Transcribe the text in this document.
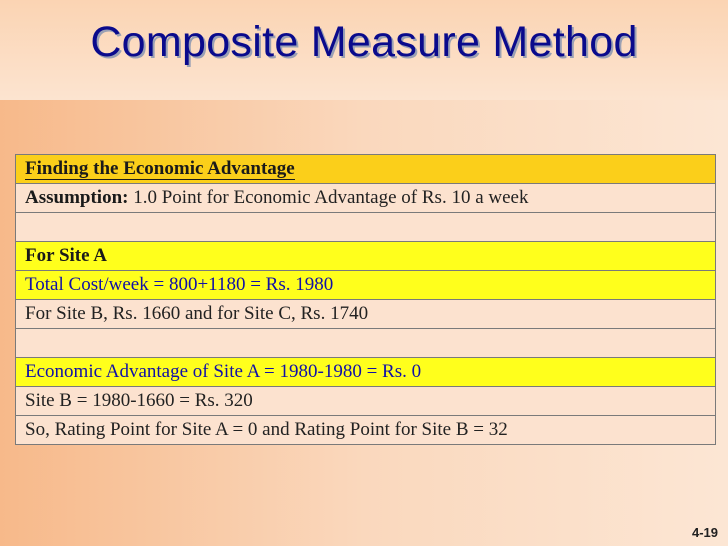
Composite Measure Method
Finding the Economic Advantage
Assumption: 1.0 Point for Economic Advantage of Rs. 10 a week
For Site A
Total Cost/week = 800+1180 = Rs. 1980
For Site B, Rs. 1660 and for Site C, Rs. 1740
Economic Advantage of Site A = 1980-1980 = Rs. 0
Site B = 1980-1660 = Rs. 320
So, Rating Point for Site A = 0 and Rating Point for Site B = 32
4-19
